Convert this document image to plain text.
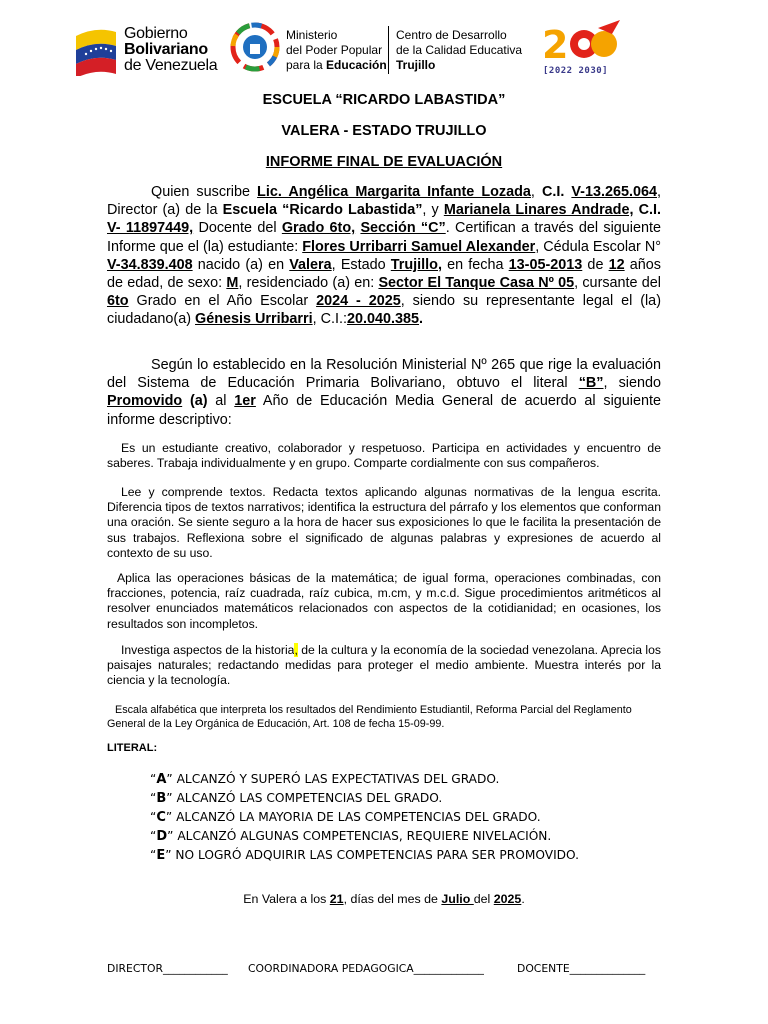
Gobierno
Bolivariano
de Venezuela
Ministerio
del Poder Popular
para la Educación
Centro de Desarrollo
de la Calidad Educativa
Trujillo	2
[2022 2030]
ESCUELA “RICARDO LABASTIDA”
VALERA - ESTADO TRUJILLO
INFORME FINAL DE EVALUACIÓN
Quien suscribe Lic. Angélica Margarita Infante Lozada, C.I. V-13.265.064, Director (a) de la Escuela “Ricardo Labastida”, y Marianela Linares Andrade, C.I. V- 11897449, Docente del Grado 6to, Sección “C”. Certifican a través del siguiente Informe que el (la) estudiante: Flores Urribarri Samuel Alexander, Cédula Escolar N° V-34.839.408 nacido (a) en Valera, Estado Trujillo, en fecha 13-05-2013 de 12 años de edad, de sexo: M, residenciado (a) en: Sector El Tanque Casa Nº 05, cursante del 6to Grado en el Año Escolar 2024 - 2025, siendo su representante legal el (la) ciudadano(a) Génesis Urribarri, C.I.:20.040.385.
Según lo establecido en la Resolución Ministerial Nº 265 que rige la evaluación del Sistema de Educación Primaria Bolivariano, obtuvo el literal “B”, siendo Promovido (a) al 1er Año de Educación Media General de acuerdo al siguiente informe descriptivo:
Es un estudiante creativo, colaborador y respetuoso. Participa en actividades y encuentro de saberes. Trabaja individualmente y en grupo. Comparte cordialmente con sus compañeros.
Lee y comprende textos. Redacta textos aplicando algunas normativas de la lengua escrita. Diferencia tipos de textos narrativos; identifica la estructura del párrafo y los elementos que conforman una oración. Se siente seguro a la hora de hacer sus exposiciones lo que le facilita la presentación de sus trabajos. Reflexiona sobre el significado de algunas palabras y expresiones de acuerdo al contexto de su uso.
Aplica las operaciones básicas de la matemática; de igual forma, operaciones combinadas, con fracciones, potencia, raíz cuadrada, raíz cubica, m.cm, y m.c.d. Sigue procedimientos aritméticos al resolver enunciados matemáticos relacionados con aspectos de la cotidianidad; en ocasiones, los resultados son incompletos.
Investiga aspectos de la historia, de la cultura y la economía de la sociedad venezolana. Aprecia los paisajes naturales; redactando medidas para proteger el medio ambiente. Muestra interés por la ciencia y la tecnología.
Escala alfabética que interpreta los resultados del Rendimiento Estudiantil, Reforma Parcial del Reglamento General de la Ley Orgánica de Educación, Art. 108 de fecha 15-09-99.
LITERAL:
“A” ALCANZÓ Y SUPERÓ LAS EXPECTATIVAS DEL GRADO.
“B” ALCANZÓ LAS COMPETENCIAS DEL GRADO.
“C” ALCANZÓ LA MAYORIA DE LAS COMPETENCIAS DEL GRADO.
“D” ALCANZÓ ALGUNAS COMPETENCIAS, REQUIERE NIVELACIÓN.
“E” NO LOGRÓ ADQUIRIR LAS COMPETENCIAS PARA SER PROMOVIDO.
En Valera a los 21, días del mes de Julio del 2025.
DIRECTOR____________ COORDINADORA PEDAGOGICA_____________	DOCENTE______________
